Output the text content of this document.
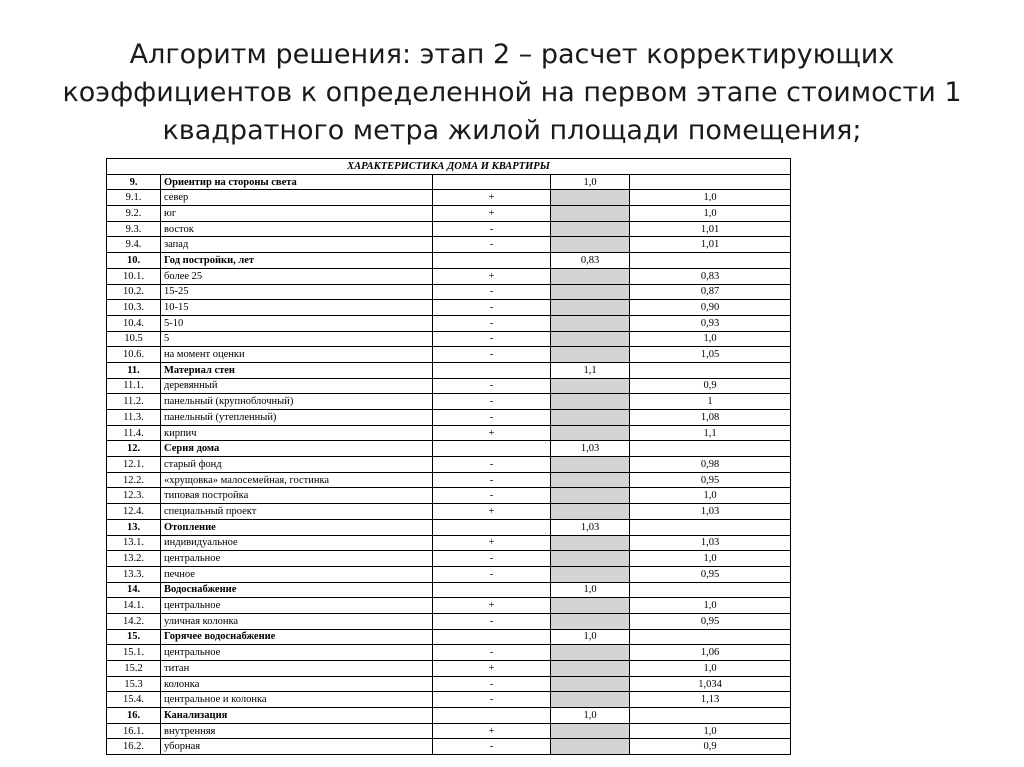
Алгоритм решения: этап 2 – расчет корректирующих
коэффициентов к определенной на первом этапе стоимости 1
квадратного метра жилой площади помещения;
ХАРАКТЕРИСТИКА ДОМА И КВАРТИРЫ				
9.	Ориентир на стороны света		1,0	
9.1.	север	+		1,0
9.2.	юг	+		1,0
9.3.	восток	-		1,01
9.4.	запад	-		1,01
10.	Год постройки, лет		0,83	
10.1.	более 25	+		0,83
10.2.	15-25	-		0,87
10.3.	10-15	-		0,90
10.4.	5-10	-		0,93
10.5	5	-		1,0
10.6.	на момент оценки	-		1,05
11.	Материал стен		1,1	
11.1.	деревянный	-		0,9
11.2.	панельный (крупноблочный)	-		1
11.3.	панельный (утепленный)	-		1,08
11.4.	кирпич	+		1,1
12.	Серия дома		1,03	
12.1.	старый фонд	-		0,98
12.2.	«хрущовка» малосемейная, гостинка	-		0,95
12.3.	типовая постройка	-		1,0
12.4.	специальный проект	+		1,03
13.	Отопление		1,03	
13.1.	индивидуальное	+		1,03
13.2.	центральное	-		1,0
13.3.	печное	-		0,95
14.	Водоснабжение		1,0	
14.1.	центральное	+		1,0
14.2.	уличная колонка	-		0,95
15.	Горячее водоснабжение		1,0	
15.1.	центральное	-		1,06
15.2	титан	+		1,0
15.3	колонка	-		1,034
15.4.	центральное и колонка	-		1,13
16.	Канализация		1,0	
16.1.	внутренняя	+		1,0
16.2.	уборная	-		0,9
